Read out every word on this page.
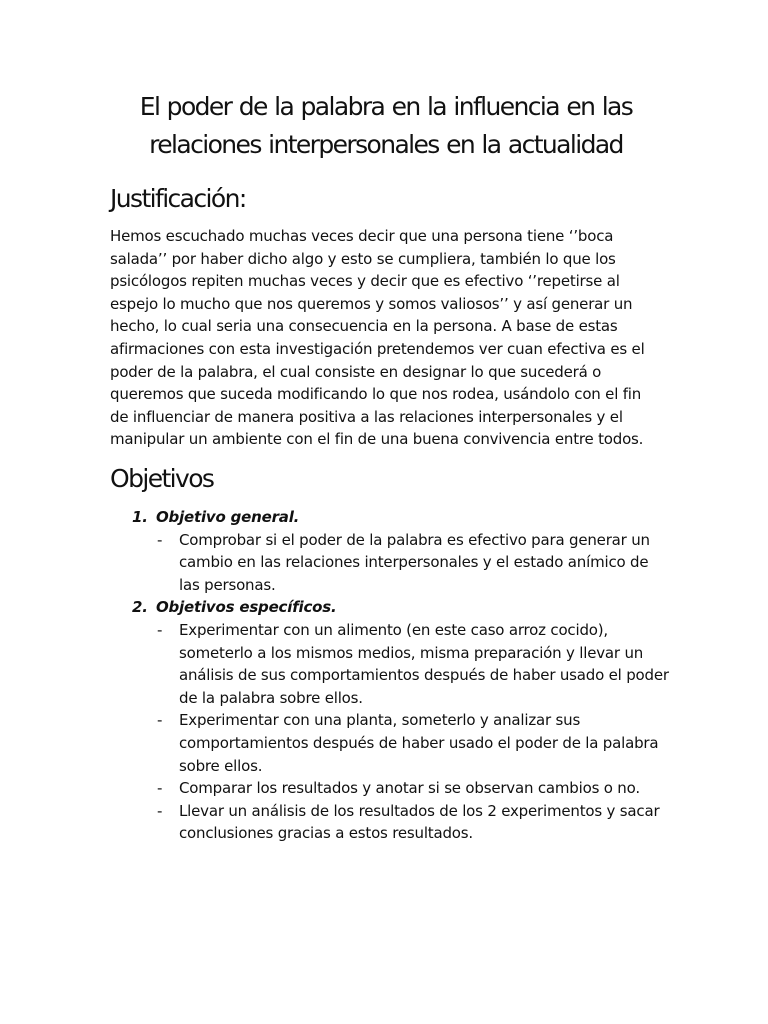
El poder de la palabra en la influencia en las
relaciones interpersonales en la actualidad
Justificación:

Hemos escuchado muchas veces decir que una persona tiene ‘’boca salada’’ por haber dicho algo y esto se cumpliera, también lo que los psicólogos repiten muchas veces y decir que es efectivo ‘’repetirse al espejo lo mucho que nos queremos y somos valiosos’’ y así generar un hecho, lo cual seria una consecuencia en la persona. A base de estas afirmaciones con esta investigación pretendemos ver cuan efectiva es el poder de la palabra, el cual consiste en designar lo que sucederá o queremos que suceda modificando lo que nos rodea, usándolo con el fin de influenciar de manera positiva a las relaciones interpersonales y el manipular un ambiente con el fin de una buena convivencia entre todos.

Objetivos
1. Objetivo general.
- Comprobar si el poder de la palabra es efectivo para generar un cambio en las relaciones interpersonales y el estado anímico de las personas.
2. Objetivos específicos.
- Experimentar con un alimento (en este caso arroz cocido), someterlo a los mismos medios, misma preparación y llevar un análisis de sus comportamientos después de haber usado el poder de la palabra sobre ellos.
- Experimentar con una planta, someterlo y analizar sus comportamientos después de haber usado el poder de la palabra sobre ellos.
- Comparar los resultados y anotar si se observan cambios o no.
- Llevar un análisis de los resultados de los 2 experimentos y sacar conclusiones gracias a estos resultados.
